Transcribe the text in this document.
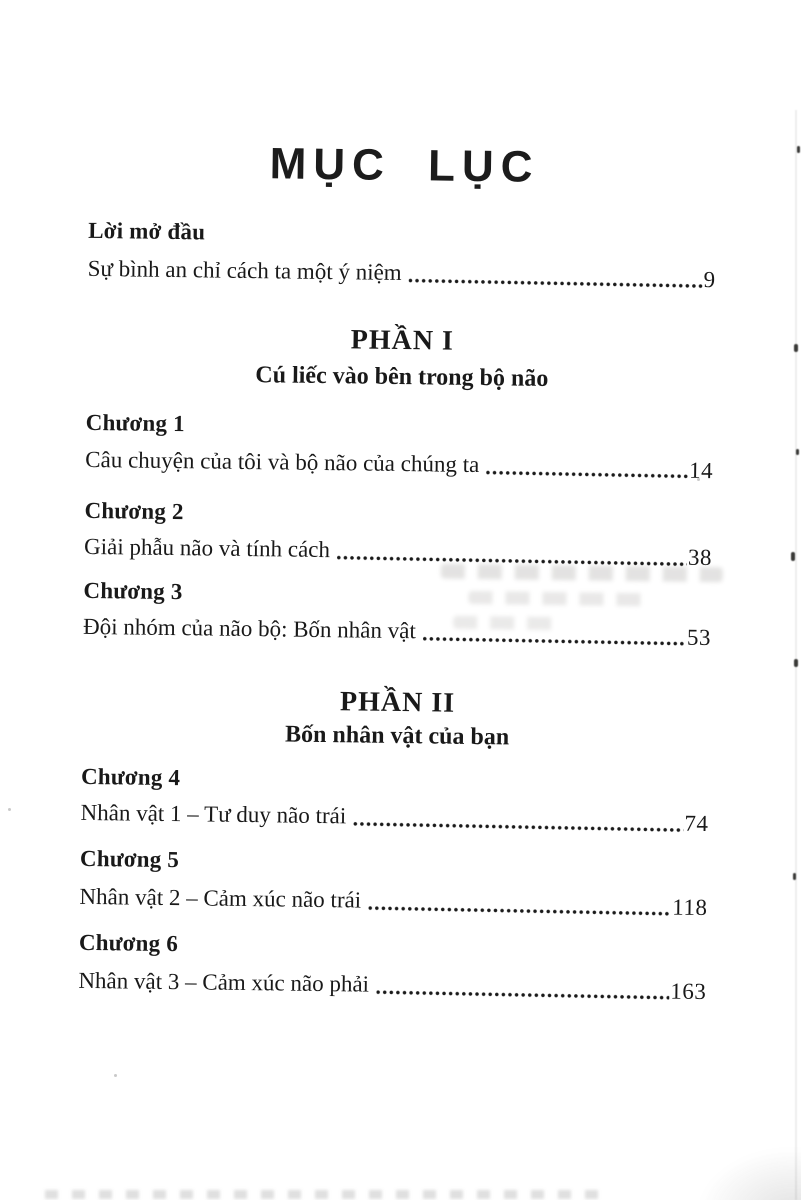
MỤC LỤC
Lời mở đầu
Sự bình an chỉ cách ta một ý niệm	9
PHẦN I
Cú liếc vào bên trong bộ não
Chương 1
Câu chuyện của tôi và bộ não của chúng ta	14
Chương 2
Giải phẫu não và tính cách	38
Chương 3
Đội nhóm của não bộ: Bốn nhân vật	53
PHẦN II
Bốn nhân vật của bạn
Chương 4
Nhân vật 1 – Tư duy não trái	74
Chương 5
Nhân vật 2 – Cảm xúc não trái	118
Chương 6
Nhân vật 3 – Cảm xúc não phải	163
